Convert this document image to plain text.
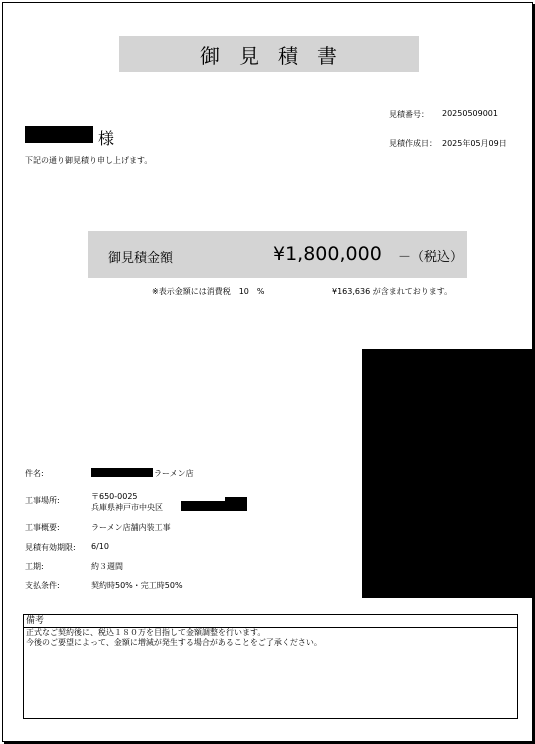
御見積書
見積番号： 20250509001
見積作成日： 2025年05月09日
様
下記の通り御見積り申し上げます。
御見積金額	¥1,800,000 －（税込）
※表示金額には消費税　10　%	¥163,636 が含まれております。
件名:	ラーメン店
工事場所:	〒650-0025
兵庫県神戸市中央区
工事概要:	ラーメン店舗内装工事
見積有効期限: 6/10
工期:	約３週間
支払条件:	契約時50%・完工時50%
備考
正式なご契約後に、税込１８０万を目指して金額調整を行います。
今後のご要望によって、金額に増減が発生する場合があることをご了承ください。
